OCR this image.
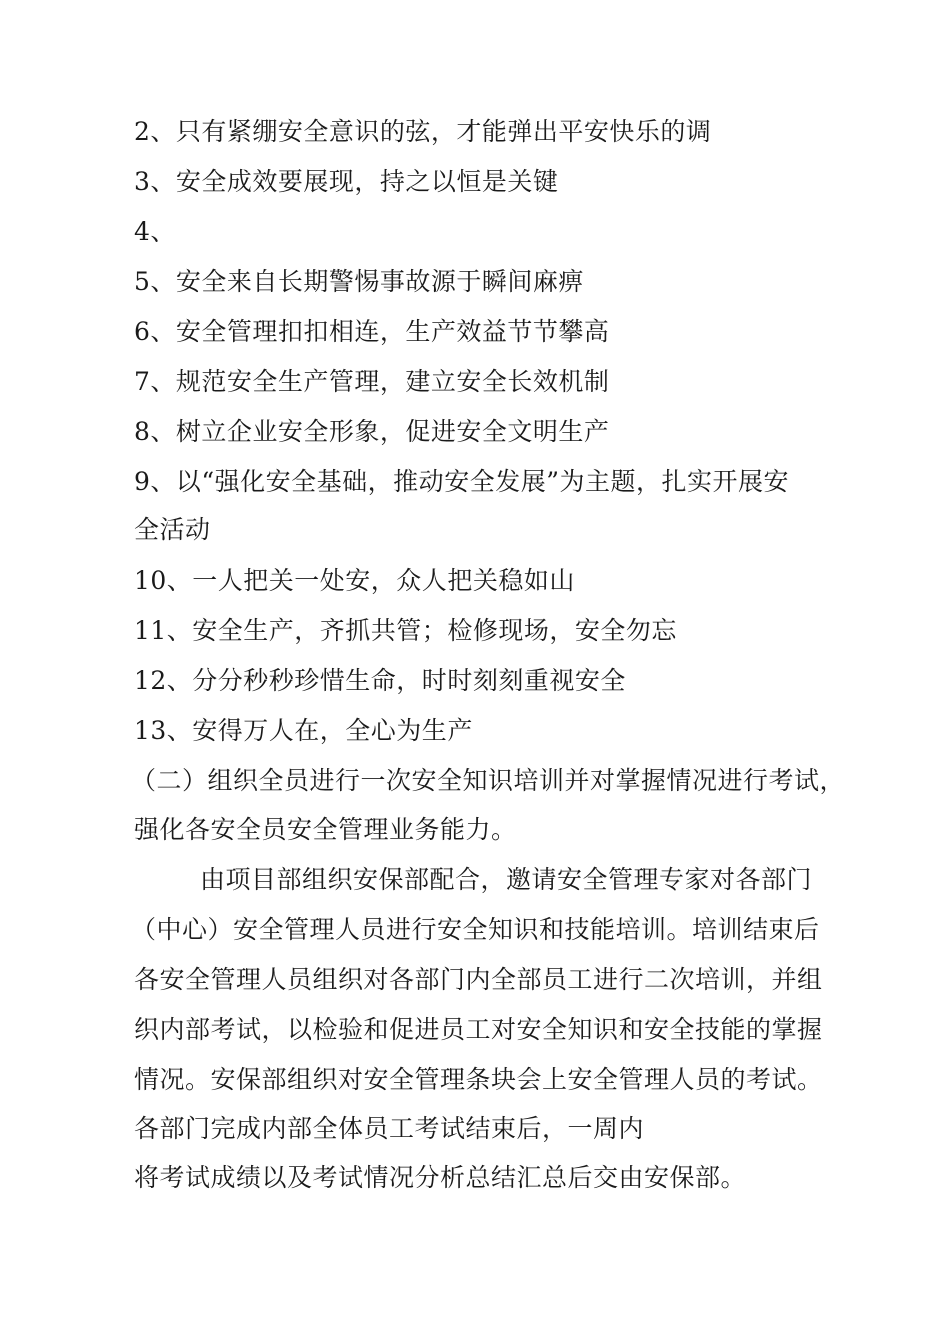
2、只有紧绷安全意识的弦，才能弹出平安快乐的调
3、安全成效要展现，持之以恒是关键
4、
5、安全来自长期警惕事故源于瞬间麻痹
6、安全管理扣扣相连，生产效益节节攀高
7、规范安全生产管理，建立安全长效机制
8、树立企业安全形象，促进安全文明生产
9、以“强化安全基础，推动安全发展”为主题，扎实开展安
全活动
10、一人把关一处安，众人把关稳如山
11、安全生产，齐抓共管；检修现场，安全勿忘
12、分分秒秒珍惜生命，时时刻刻重视安全
13、安得万人在，全心为生产
（二）组织全员进行一次安全知识培训并对掌握情况进行考试，
强化各安全员安全管理业务能力。
由项目部组织安保部配合，邀请安全管理专家对各部门
（中心）安全管理人员进行安全知识和技能培训。培训结束后
各安全管理人员组织对各部门内全部员工进行二次培训，并组
织内部考试，以检验和促进员工对安全知识和安全技能的掌握
情况。安保部组织对安全管理条块会上安全管理人员的考试。
各部门完成内部全体员工考试结束后，一周内
将考试成绩以及考试情况分析总结汇总后交由安保部。
